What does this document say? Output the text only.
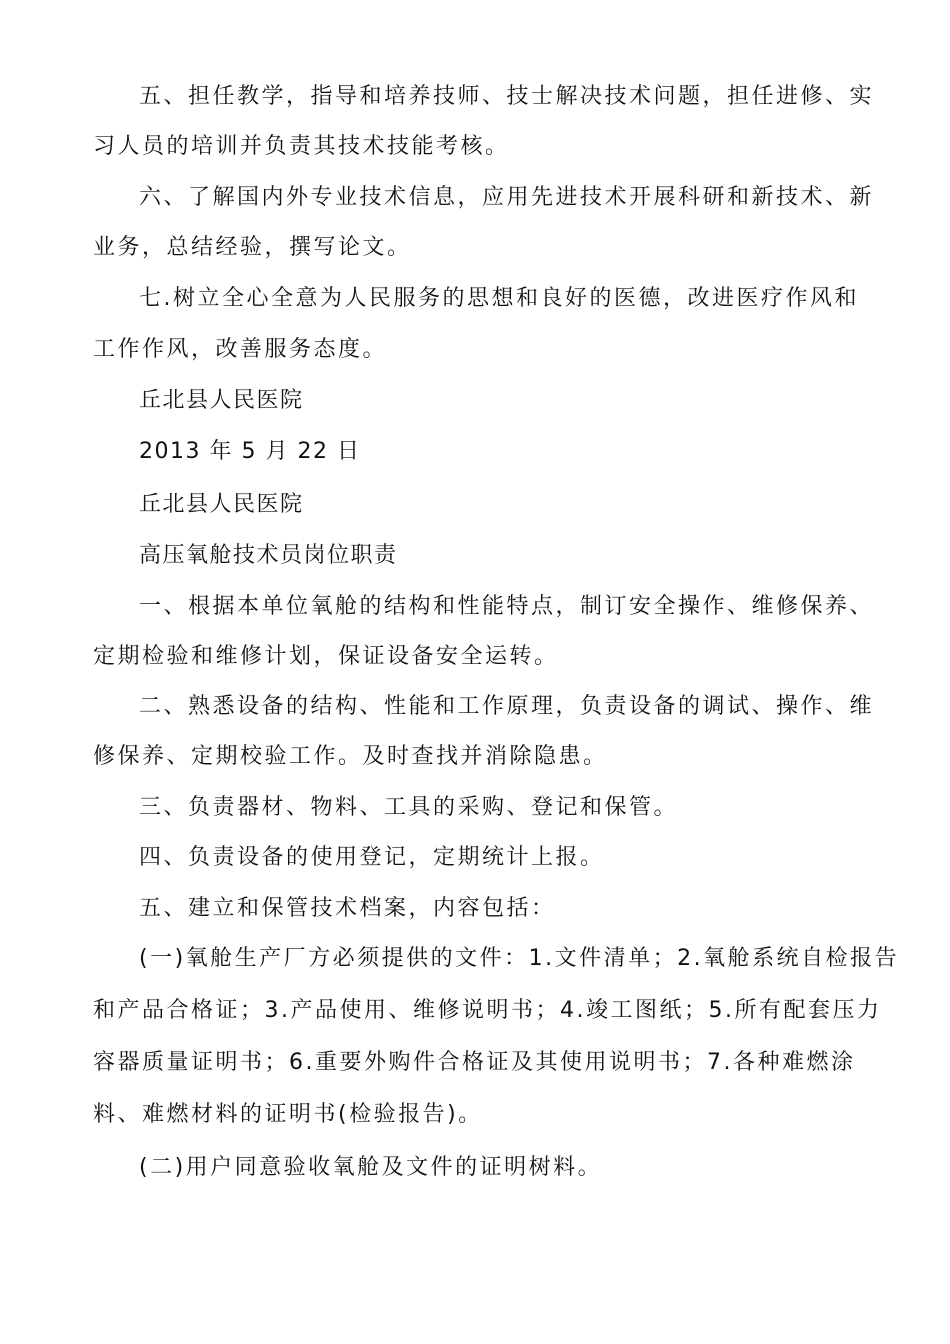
五、担任教学，指导和培养技师、技士解决技术问题，担任进修、实
习人员的培训并负责其技术技能考核。
六、了解国内外专业技术信息，应用先进技术开展科研和新技术、新
业务，总结经验，撰写论文。
七.树立全心全意为人民服务的思想和良好的医德，改进医疗作风和
工作作风，改善服务态度。
丘北县人民医院
2013 年 5 月 22 日
丘北县人民医院
高压氧舱技术员岗位职责
一、根据本单位氧舱的结构和性能特点，制订安全操作、维修保养、
定期检验和维修计划，保证设备安全运转。
二、熟悉设备的结构、性能和工作原理，负责设备的调试、操作、维
修保养、定期校验工作。及时查找并消除隐患。
三、负责器材、物料、工具的采购、登记和保管。
四、负责设备的使用登记，定期统计上报。
五、建立和保管技术档案，内容包括：
(一)氧舱生产厂方必须提供的文件：1.文件清单；2.氧舱系统自检报告
和产品合格证；3.产品使用、维修说明书；4.竣工图纸；5.所有配套压力
容器质量证明书；6.重要外购件合格证及其使用说明书；7.各种难燃涂
料、难燃材料的证明书(检验报告)。
(二)用户同意验收氧舱及文件的证明树料。
